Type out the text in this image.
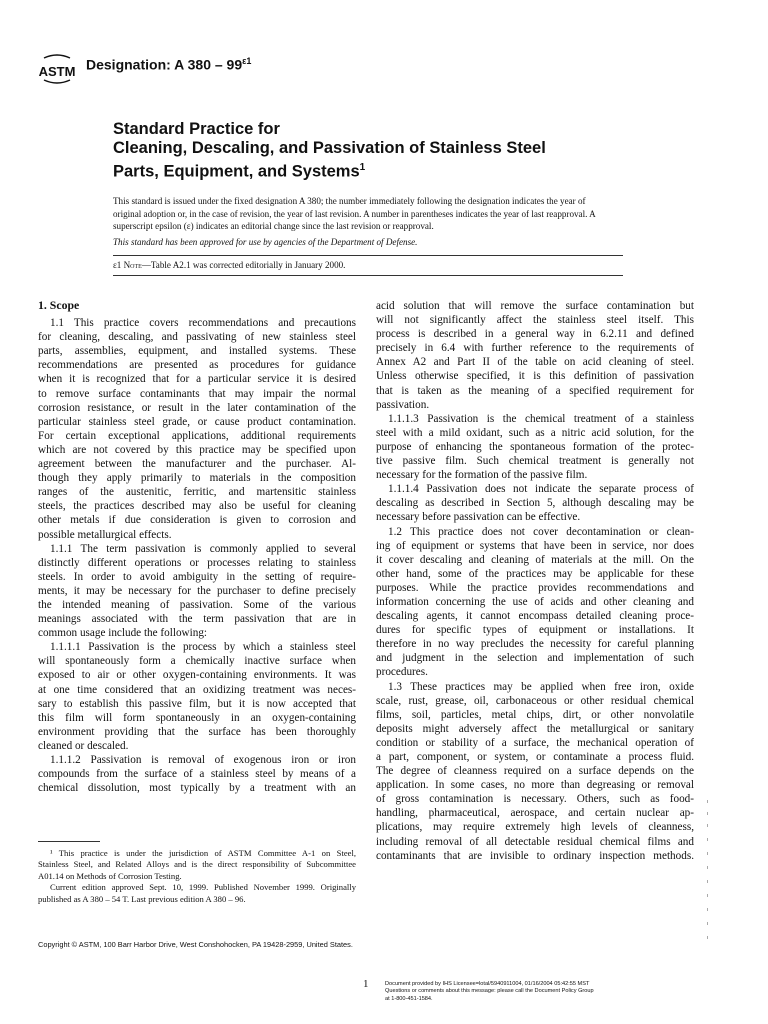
ASTM Designation: A $380 - 99^{\varepsilon 1}$
Standard Practice for
Cleaning, Descaling, and Passivation of Stainless Steel
Parts, Equipment, and Systems$^1$
This standard is issued under the fixed designation A 380; the number immediately following the designation indicates the year of
original adoption or, in the case of revision, the year of last revision. A number in parentheses indicates the year of last reapproval. A
superscript epsilon (ε) indicates an editorial change since the last revision or reapproval.
This standard has been approved for use by agencies of the Department of Defense.
ε1 Note—Table A2.1 was corrected editorially in January 2000.
1. Scope
1.1 This practice covers recommendations and precautions
for cleaning, descaling, and passivating of new stainless steel
parts, assemblies, equipment, and installed systems. These
recommendations are presented as procedures for guidance
when it is recognized that for a particular service it is desired
to remove surface contaminants that may impair the normal
corrosion resistance, or result in the later contamination of the
particular stainless steel grade, or cause product contamination.
For certain exceptional applications, additional requirements
which are not covered by this practice may be specified upon
agreement between the manufacturer and the purchaser. Al-
though they apply primarily to materials in the composition
ranges of the austenitic, ferritic, and martensitic stainless
steels, the practices described may also be useful for cleaning
other metals if due consideration is given to corrosion and
possible metallurgical effects.
1.1.1 The term passivation is commonly applied to several
distinctly different operations or processes relating to stainless
steels. In order to avoid ambiguity in the setting of require-
ments, it may be necessary for the purchaser to define precisely
the intended meaning of passivation. Some of the various
meanings associated with the term passivation that are in
common usage include the following:
1.1.1.1 Passivation is the process by which a stainless steel
will spontaneously form a chemically inactive surface when
exposed to air or other oxygen-containing environments. It was
at one time considered that an oxidizing treatment was neces-
sary to establish this passive film, but it is now accepted that
this film will form spontaneously in an oxygen-containing
environment providing that the surface has been thoroughly
cleaned or descaled.
1.1.1.2 Passivation is removal of exogenous iron or iron
compounds from the surface of a stainless steel by means of a
chemical dissolution, most typically by a treatment with an
acid solution that will remove the surface contamination but
will not significantly affect the stainless steel itself. This
process is described in a general way in 6.2.11 and defined
precisely in 6.4 with further reference to the requirements of
Annex A2 and Part II of the table on acid cleaning of steel.
Unless otherwise specified, it is this definition of passivation
that is taken as the meaning of a specified requirement for
passivation.
1.1.1.3 Passivation is the chemical treatment of a stainless
steel with a mild oxidant, such as a nitric acid solution, for the
purpose of enhancing the spontaneous formation of the protec-
tive passive film. Such chemical treatment is generally not
necessary for the formation of the passive film.
1.1.1.4 Passivation does not indicate the separate process of
descaling as described in Section 5, although descaling may be
necessary before passivation can be effective.
1.2 This practice does not cover decontamination or clean-
ing of equipment or systems that have been in service, nor does
it cover descaling and cleaning of materials at the mill. On the
other hand, some of the practices may be applicable for these
purposes. While the practice provides recommendations and
information concerning the use of acids and other cleaning and
descaling agents, it cannot encompass detailed cleaning proce-
dures for specific types of equipment or installations. It
therefore in no way precludes the necessity for careful planning
and judgment in the selection and implementation of such
procedures.
1.3 These practices may be applied when free iron, oxide
scale, rust, grease, oil, carbonaceous or other residual chemical
films, soil, particles, metal chips, dirt, or other nonvolatile
deposits might adversely affect the metallurgical or sanitary
condition or stability of a surface, the mechanical operation of
a part, component, or system, or contaminate a process fluid.
The degree of cleanness required on a surface depends on the
application. In some cases, no more than degreasing or removal
of gross contamination is necessary. Others, such as food-
handling, pharmaceutical, aerospace, and certain nuclear ap-
plications, may require extremely high levels of cleanness,
including removal of all detectable residual chemical films and
contaminants that are invisible to ordinary inspection methods.
¹ This practice is under the jurisdiction of ASTM Committee A-1 on Steel,
Stainless Steel, and Related Alloys and is the direct responsibility of Subcommittee
A01.14 on Methods of Corrosion Testing.
Current edition approved Sept. 10, 1999. Published November 1999. Originally
published as A 380 – 54 T. Last previous edition A 380 – 96.
Copyright © ASTM, 100 Barr Harbor Drive, West Conshohocken, PA 19428-2959, United States.
1	Document provided by IHS Licensee=lotal/5940911004, 01/16/2004 05:42:55 MST
Questions or comments about this message: please call the Document Policy Group
at 1-800-451-1584.
